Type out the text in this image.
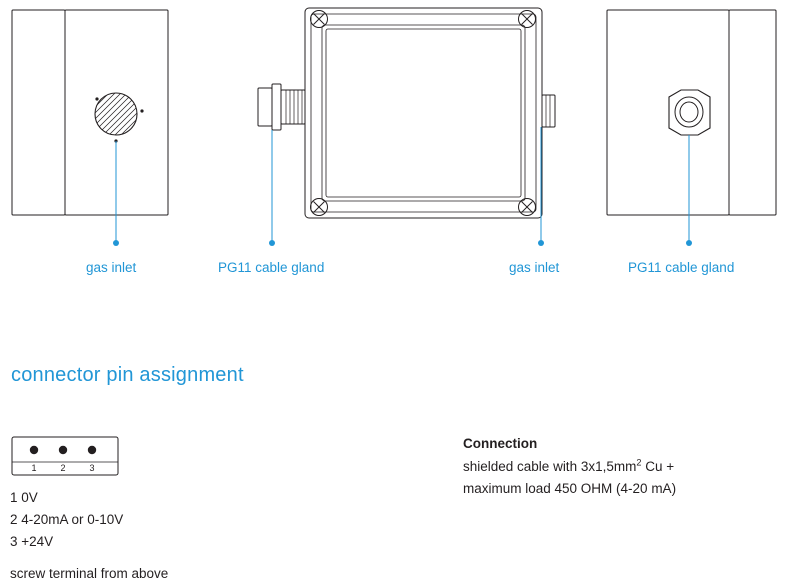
gas inlet	PG11 cable gland	gas inlet	PG11 cable gland
connector pin assignment
1	2	3
1 0V
2 4-20mA or 0-10V
3 +24V
screw terminal from above
Connection
shielded cable with $3x1,5mm^2$ Cu +
maximum load 450 OHM (4-20 mA)
